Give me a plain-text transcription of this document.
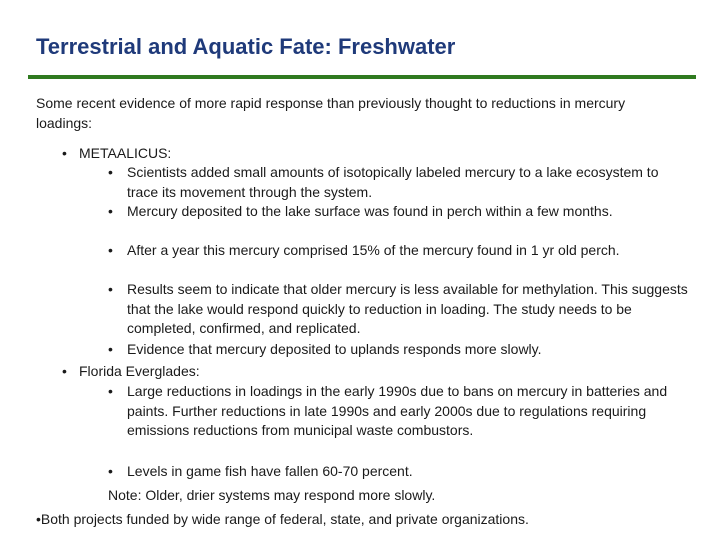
Terrestrial and Aquatic Fate: Freshwater

Some recent evidence of more rapid response than previously thought to reductions in mercury loadings:

• METAALICUS:
• Scientists added small amounts of isotopically labeled mercury to a lake ecosystem to trace its movement through the system.
• Mercury deposited to the lake surface was found in perch within a few months.
• After a year this mercury comprised 15% of the mercury found in 1 yr old perch.
• Results seem to indicate that older mercury is less available for methylation. This suggests that the lake would respond quickly to reduction in loading. The study needs to be completed, confirmed, and replicated.
• Evidence that mercury deposited to uplands responds more slowly.
• Florida Everglades:
• Large reductions in loadings in the early 1990s due to bans on mercury in batteries and paints. Further reductions in late 1990s and early 2000s due to regulations requiring emissions reductions from municipal waste combustors.
• Levels in game fish have fallen 60-70 percent.

Note: Older, drier systems may respond more slowly.

•Both projects funded by wide range of federal, state, and private organizations.
